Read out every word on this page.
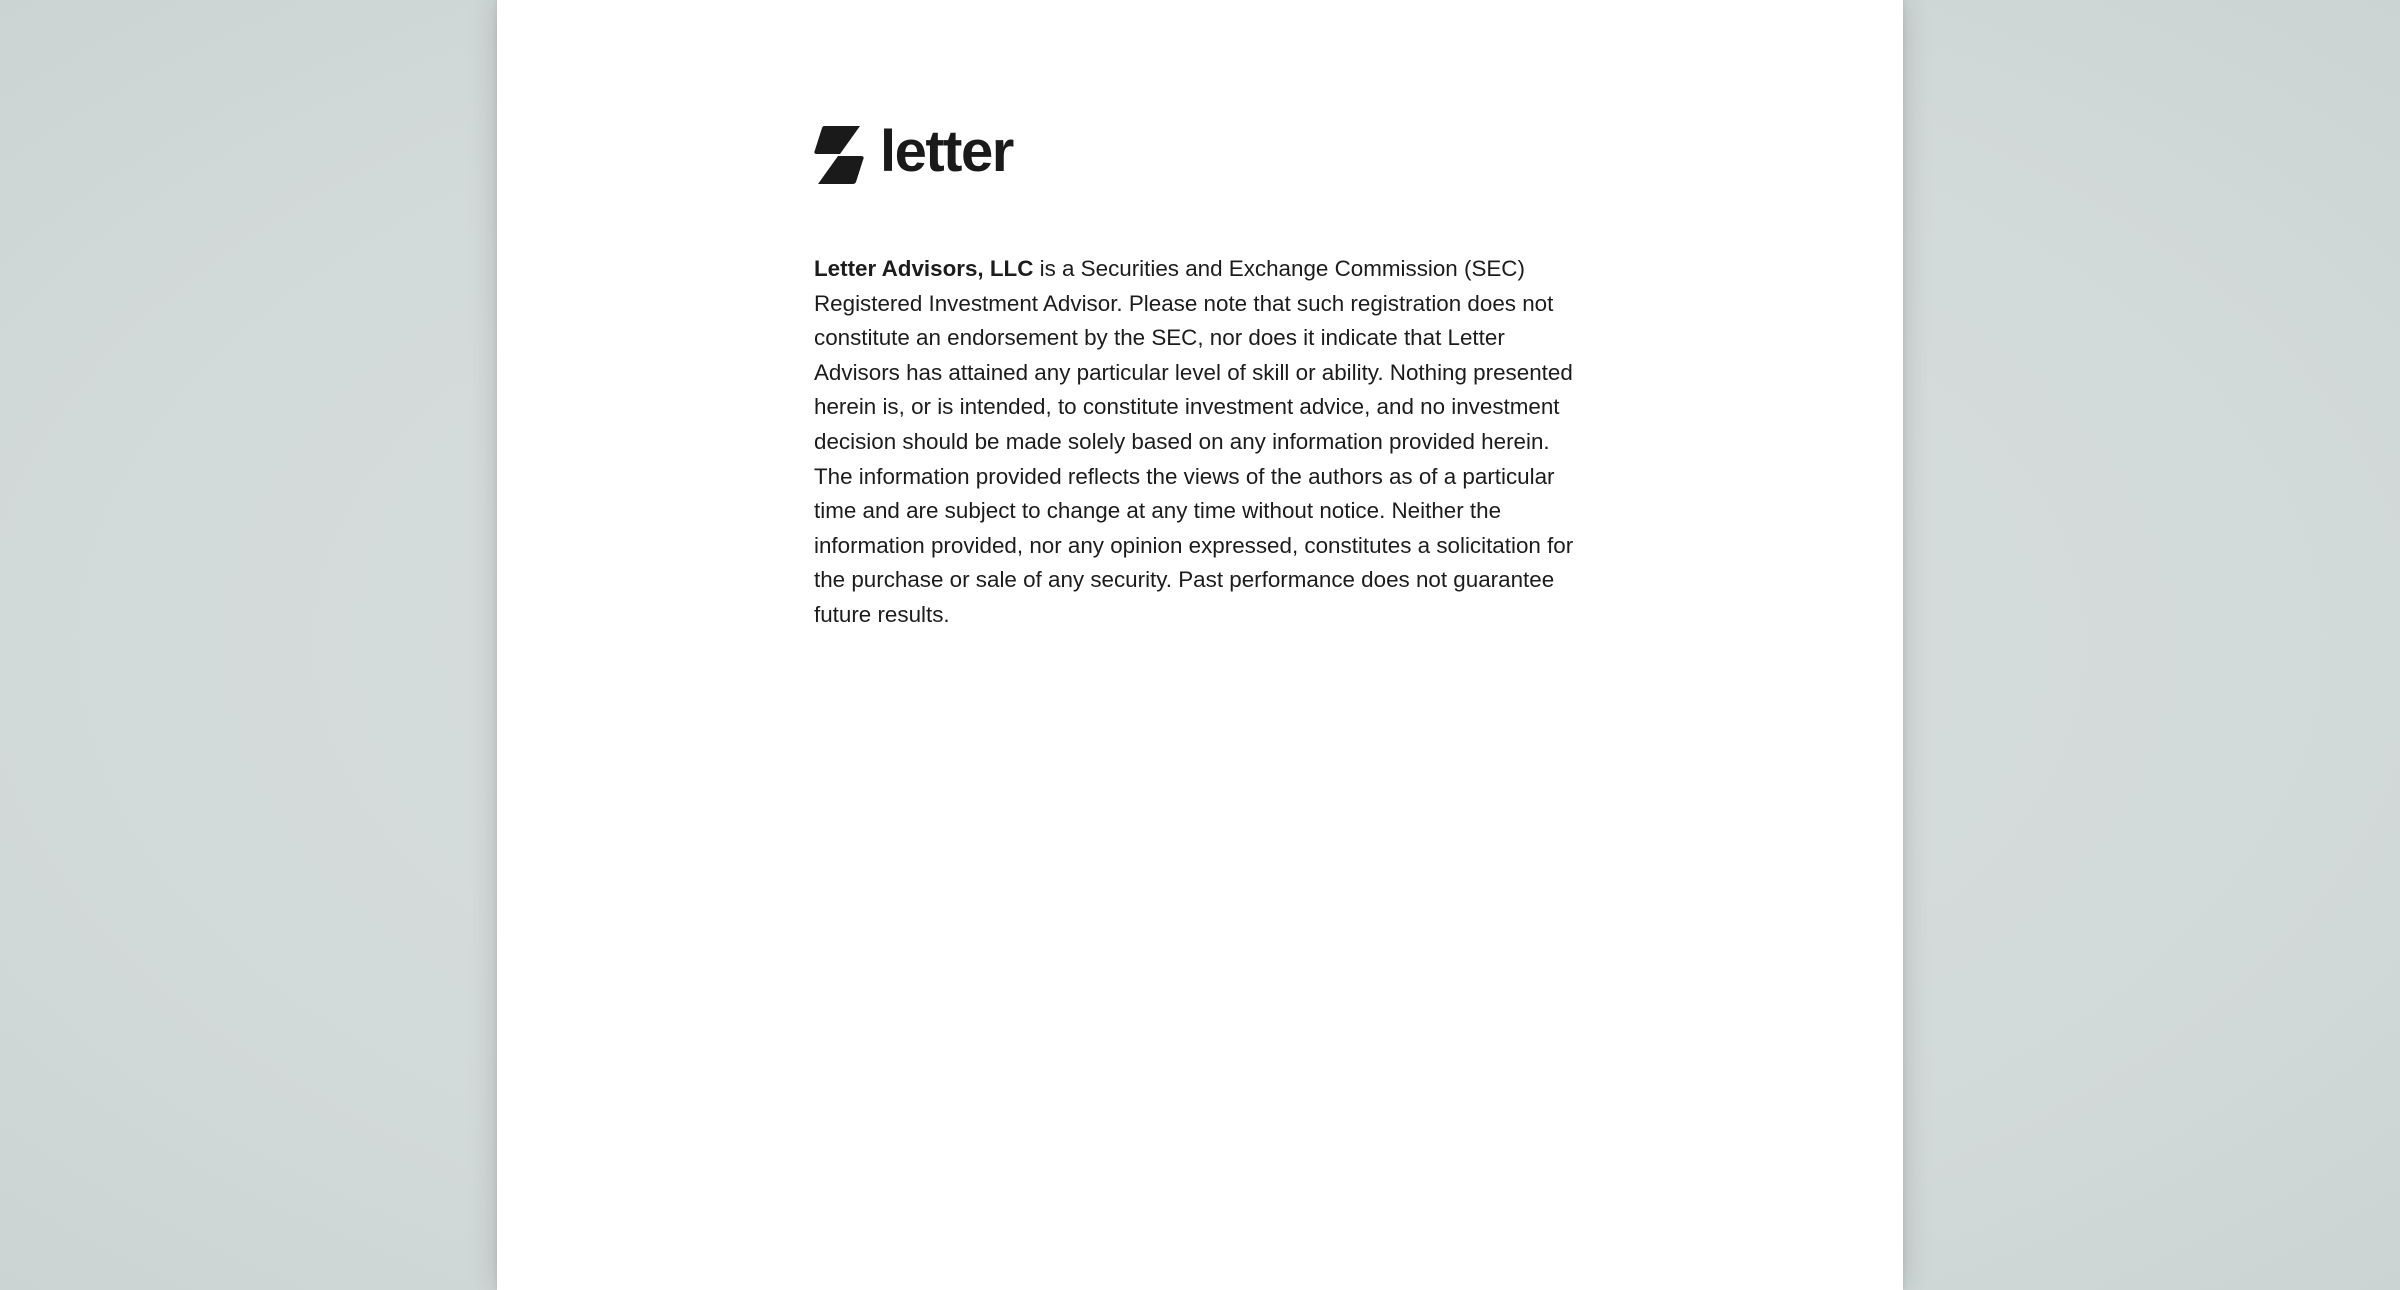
letter

Letter Advisors, LLC is a Securities and Exchange Commission (SEC) Registered Investment Advisor. Please note that such registration does not constitute an endorsement by the SEC, nor does it indicate that Letter Advisors has attained any particular level of skill or ability. Nothing presented herein is, or is intended, to constitute investment advice, and no investment decision should be made solely based on any information provided herein. The information provided reflects the views of the authors as of a particular time and are subject to change at any time without notice. Neither the information provided, nor any opinion expressed, constitutes a solicitation for the purchase or sale of any security. Past performance does not guarantee future results.
